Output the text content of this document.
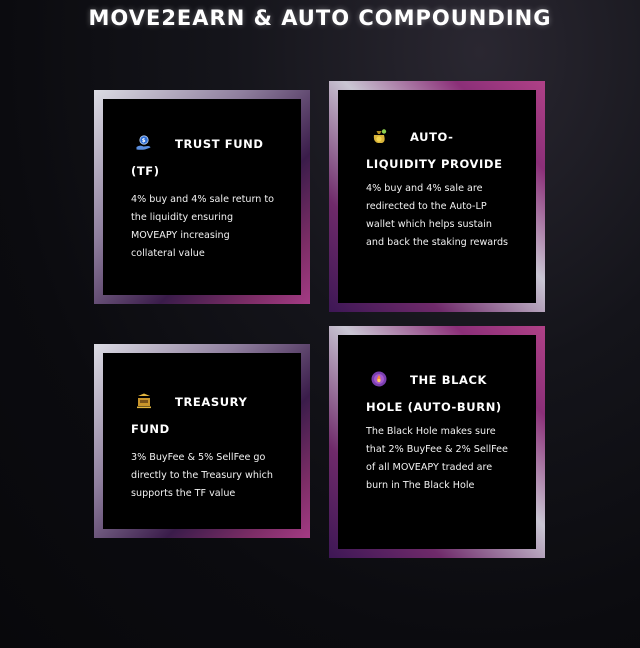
MOVE2EARN & AUTO COMPOUNDING
$	TRUST FUND (TF)
4% buy and 4% sale return to the liquidity ensuring MOVEAPY increasing collateral value
AUTO-LIQUIDITY PROVIDE
4% buy and 4% sale are redirected to the Auto-LP wallet which helps sustain and back the staking rewards
TREASURY FUND
3% BuyFee & 5% SellFee go directly to the Treasury which supports the TF value
THE BLACK HOLE (AUTO-BURN)
The Black Hole makes sure that 2% BuyFee & 2% SellFee of all MOVEAPY traded are burn in The Black Hole
